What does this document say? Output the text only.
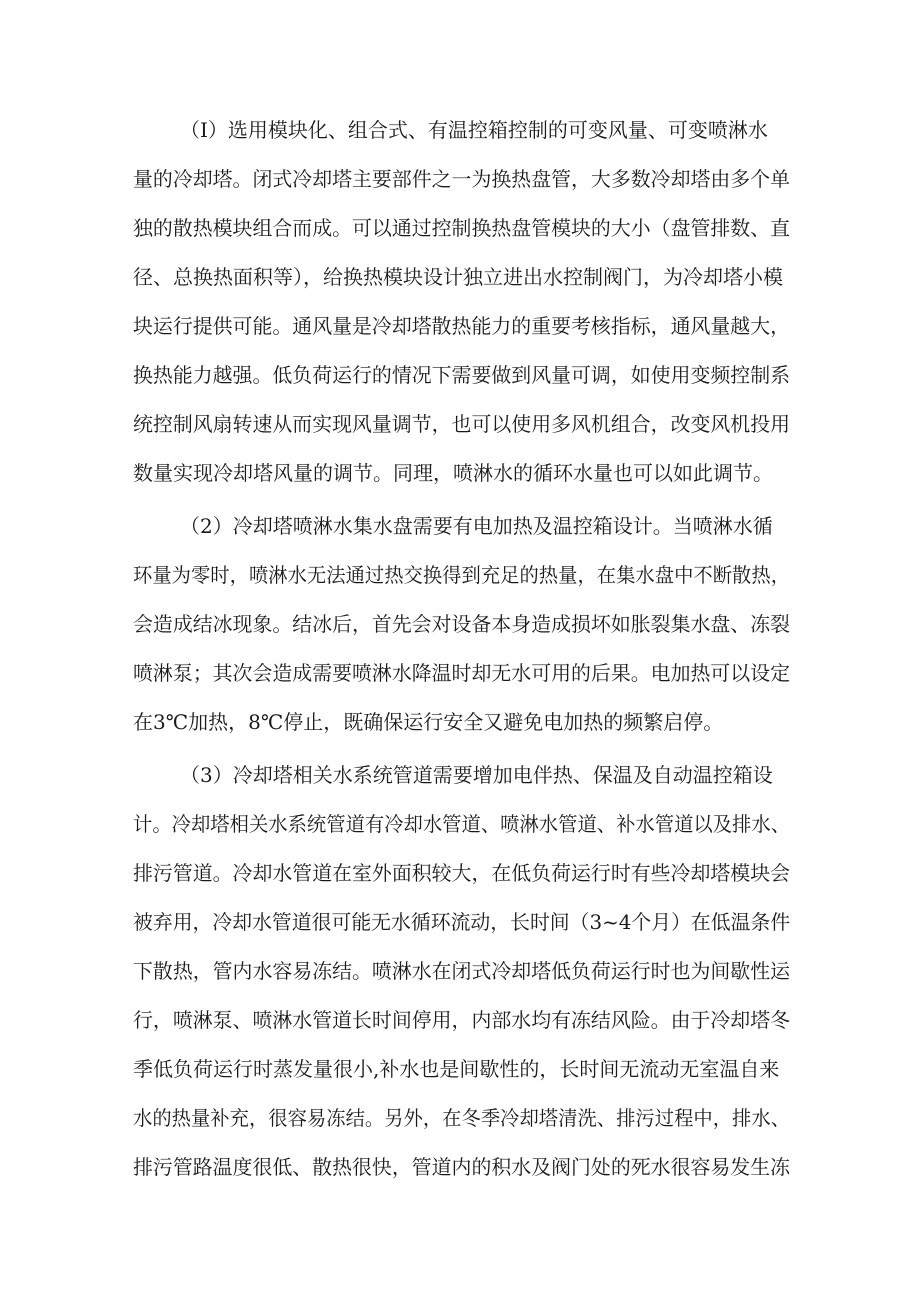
（I）选用模块化、组合式、有温控箱控制的可变风量、可变喷淋水

量的冷却塔。闭式冷却塔主要部件之一为换热盘管，大多数冷却塔由多个单

独的散热模块组合而成。可以通过控制换热盘管模块的大小（盘管排数、直

径、总换热面积等），给换热模块设计独立进出水控制阀门，为冷却塔小模

块运行提供可能。通风量是冷却塔散热能力的重要考核指标，通风量越大，

换热能力越强。低负荷运行的情况下需要做到风量可调，如使用变频控制系

统控制风扇转速从而实现风量调节，也可以使用多风机组合，改变风机投用

数量实现冷却塔风量的调节。同理，喷淋水的循环水量也可以如此调节。

（2）冷却塔喷淋水集水盘需要有电加热及温控箱设计。当喷淋水循

环量为零时，喷淋水无法通过热交换得到充足的热量，在集水盘中不断散热，

会造成结冰现象。结冰后，首先会对设备本身造成损坏如胀裂集水盘、冻裂

喷淋泵；其次会造成需要喷淋水降温时却无水可用的后果。电加热可以设定

在3℃加热，8℃停止，既确保运行安全又避免电加热的频繁启停。

（3）冷却塔相关水系统管道需要增加电伴热、保温及自动温控箱设

计。冷却塔相关水系统管道有冷却水管道、喷淋水管道、补水管道以及排水、

排污管道。冷却水管道在室外面积较大，在低负荷运行时有些冷却塔模块会

被弃用，冷却水管道很可能无水循环流动，长时间（3~4个月）在低温条件

下散热，管内水容易冻结。喷淋水在闭式冷却塔低负荷运行时也为间歇性运

行，喷淋泵、喷淋水管道长时间停用，内部水均有冻结风险。由于冷却塔冬

季低负荷运行时蒸发量很小,补水也是间歇性的，长时间无流动无室温自来

水的热量补充，很容易冻结。另外，在冬季冷却塔清洗、排污过程中，排水、

排污管路温度很低、散热很快，管道内的积水及阀门处的死水很容易发生冻
